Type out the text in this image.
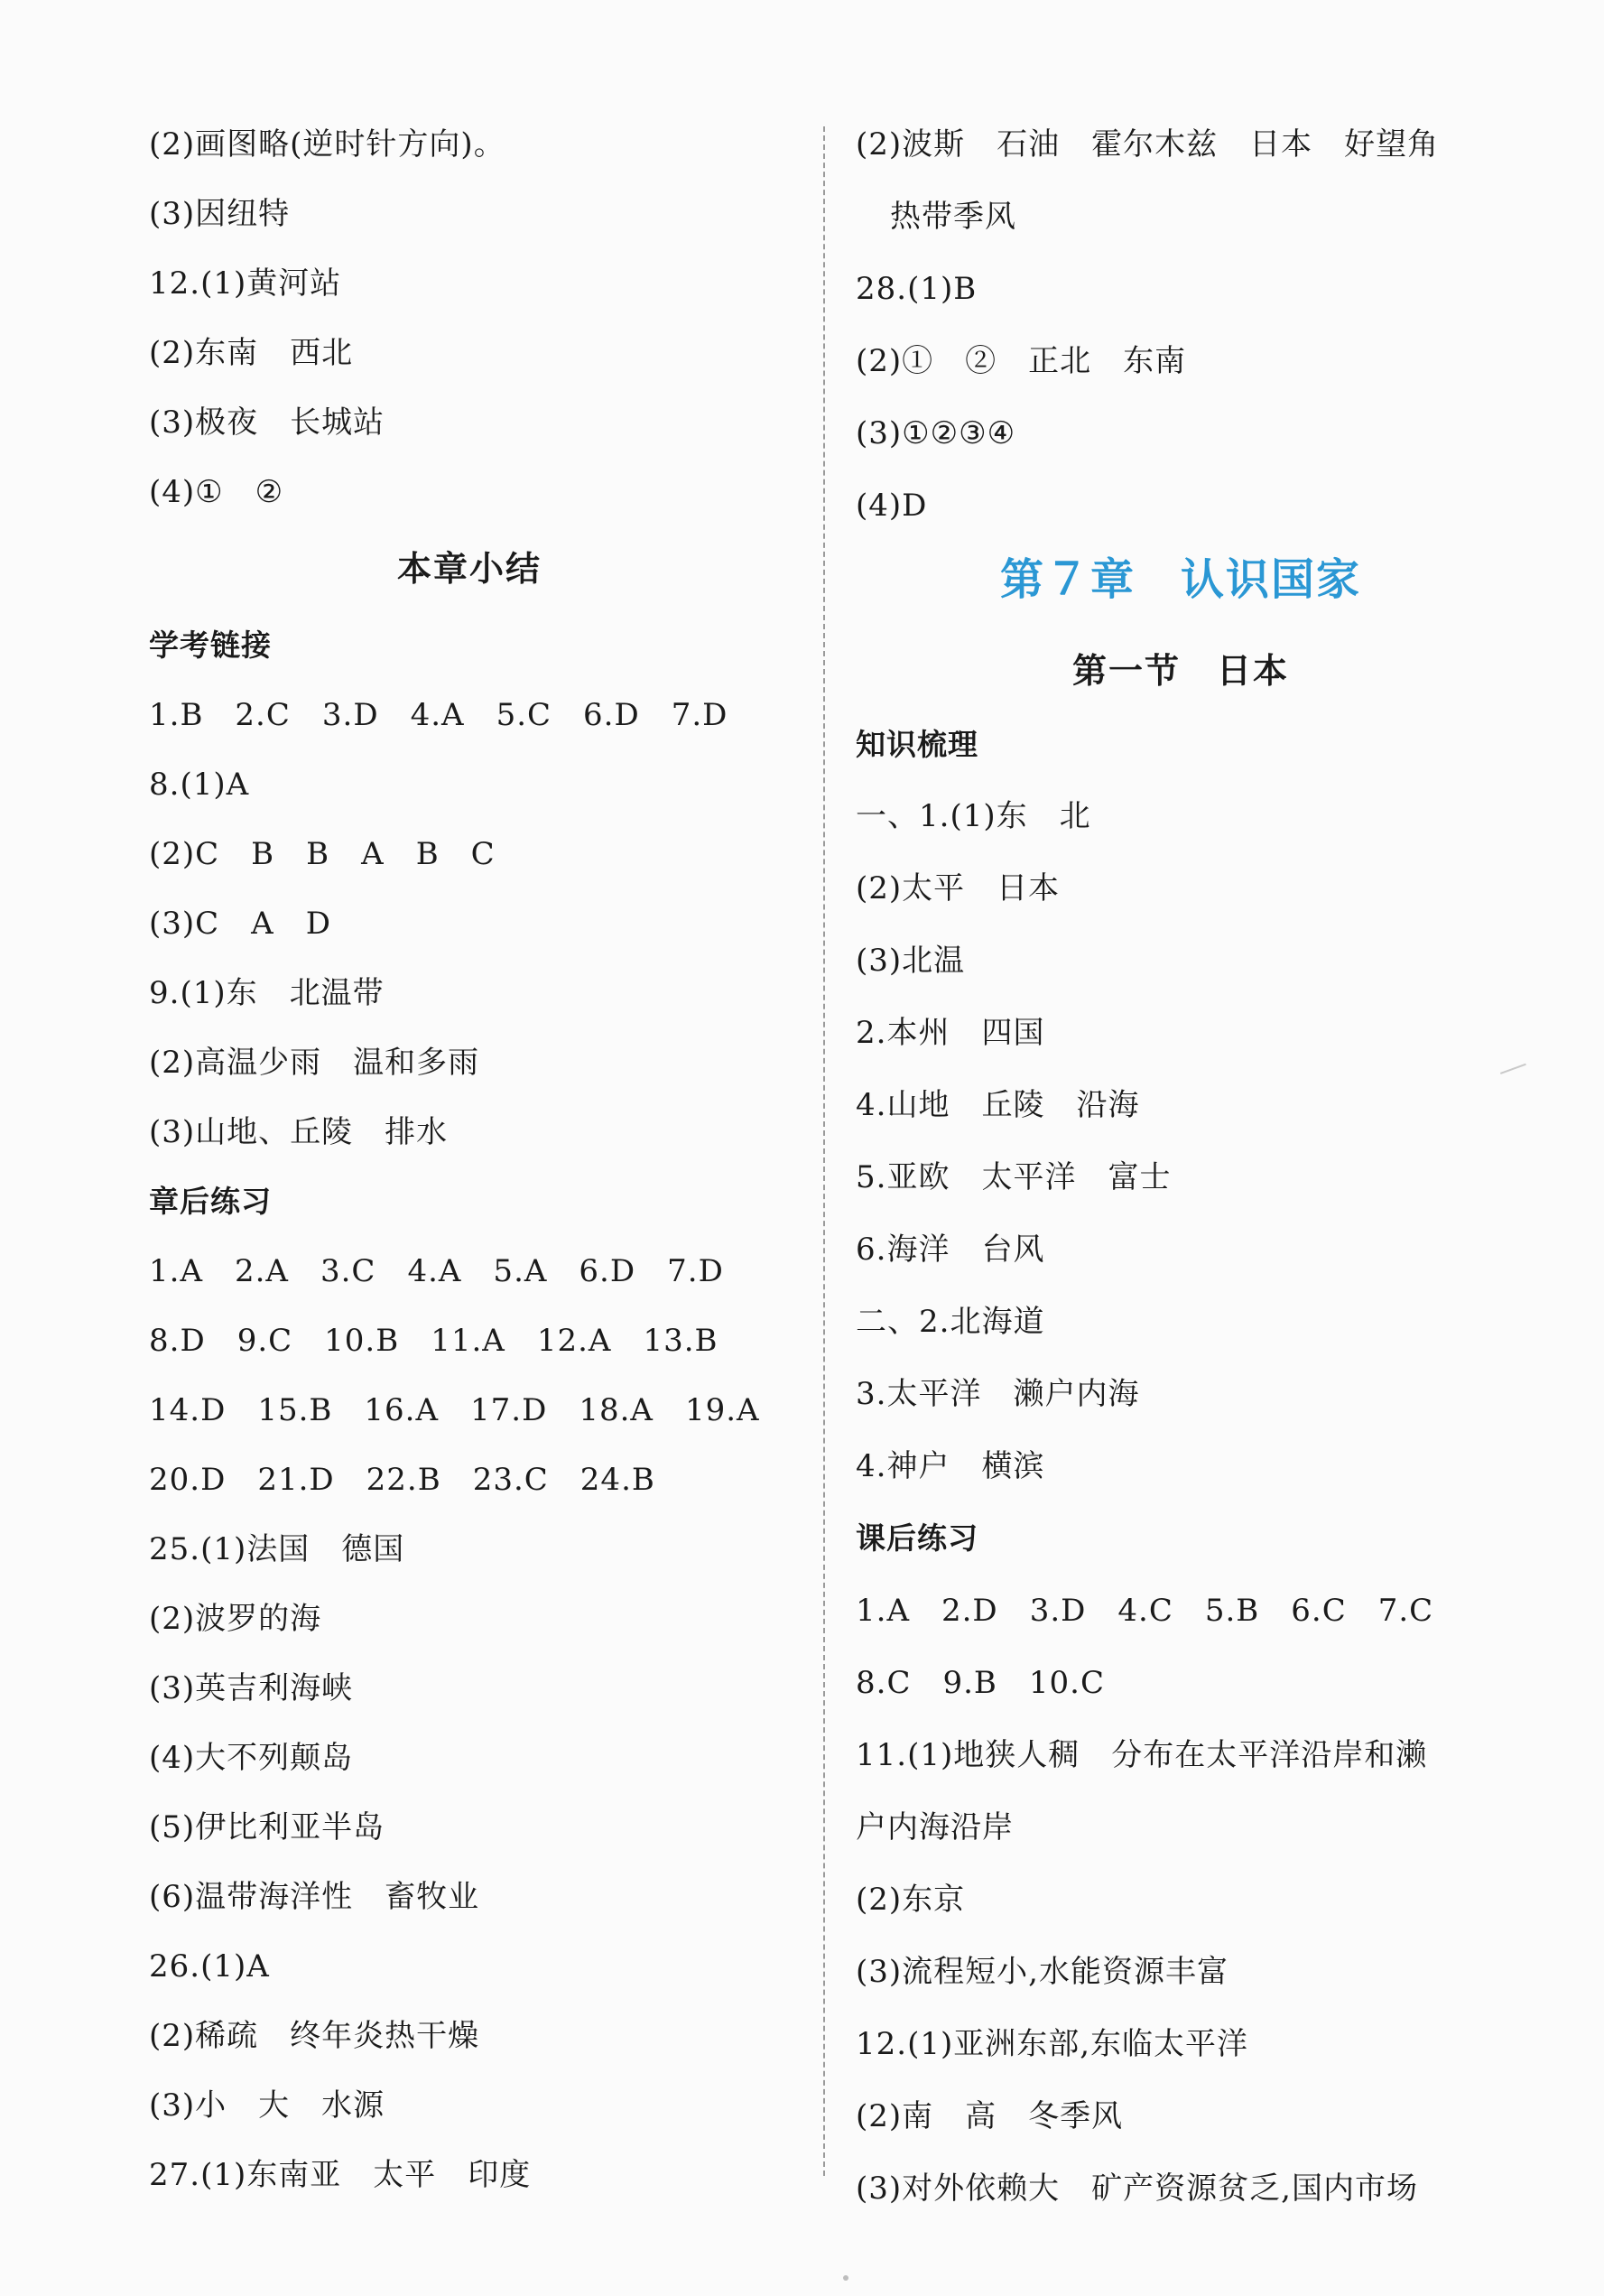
(2)画图略(逆时针方向)。
(3)因纽特
12.(1)黄河站
(2)东南　西北
(3)极夜　长城站
(4)①　②
本章小结
学考链接
1.B　2.C　3.D　4.A　5.C　6.D　7.D
8.(1)A
(2)C　B　B　A　B　C
(3)C　A　D
9.(1)东　北温带
(2)高温少雨　温和多雨
(3)山地、丘陵　排水
章后练习
1.A　2.A　3.C　4.A　5.A　6.D　7.D
8.D　9.C　10.B　11.A　12.A　13.B
14.D　15.B　16.A　17.D　18.A　19.A
20.D　21.D　22.B　23.C　24.B
25.(1)法国　德国
(2)波罗的海
(3)英吉利海峡
(4)大不列颠岛
(5)伊比利亚半岛
(6)温带海洋性　畜牧业
26.(1)A
(2)稀疏　终年炎热干燥
(3)小　大　水源
27.(1)东南亚　太平　印度
(2)波斯　石油　霍尔木兹　日本　好望角
热带季风
28.(1)B
(2)①　②　正北　东南
(3)①②③④
(4)D
第７章　认识国家
第一节　日本
知识梳理
一、1.(1)东　北
(2)太平　日本
(3)北温
2.本州　四国
4.山地　丘陵　沿海
5.亚欧　太平洋　富士
6.海洋　台风
二、2.北海道
3.太平洋　濑户内海
4.神户　横滨
课后练习
1.A　2.D　3.D　4.C　5.B　6.C　7.C
8.C　9.B　10.C
11.(1)地狭人稠　分布在太平洋沿岸和濑
户内海沿岸
(2)东京
(3)流程短小,水能资源丰富
12.(1)亚洲东部,东临太平洋
(2)南　高　冬季风
(3)对外依赖大　矿产资源贫乏,国内市场
